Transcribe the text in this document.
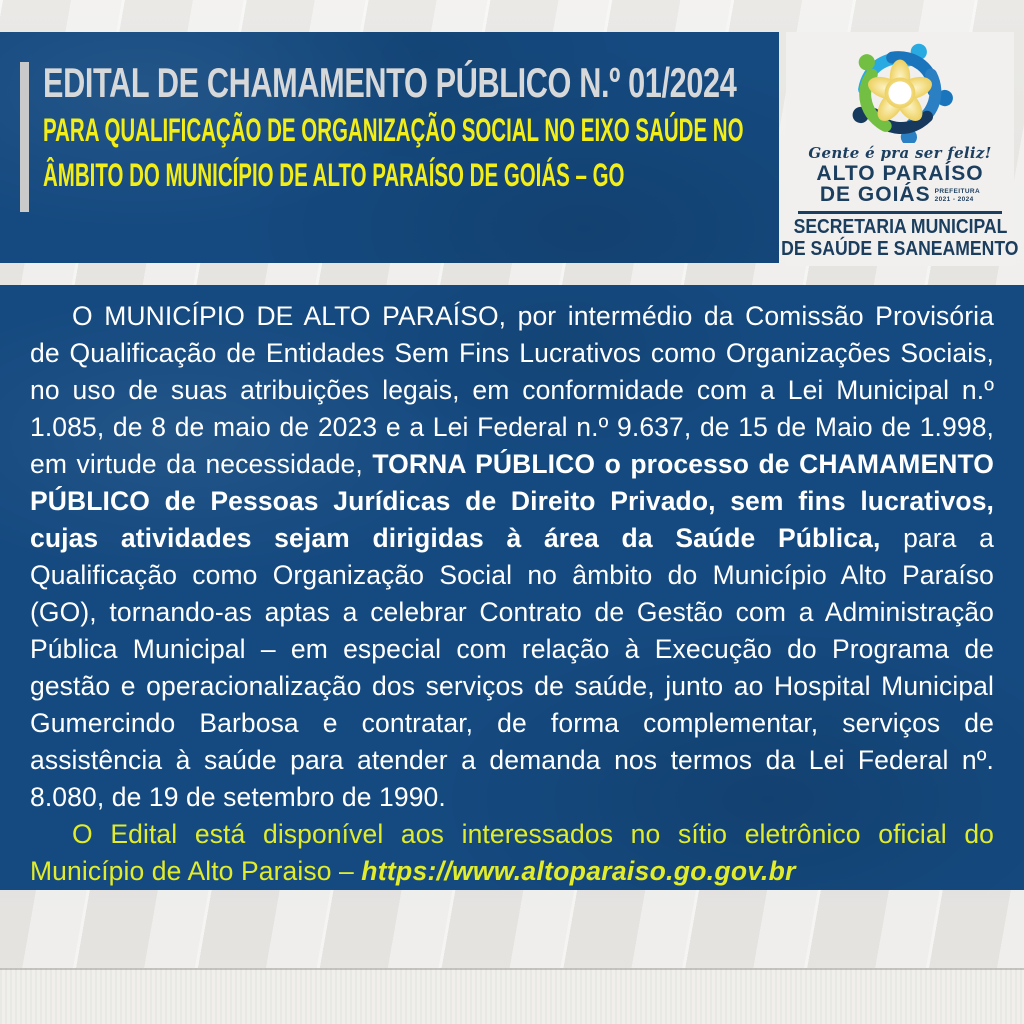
EDITAL DE CHAMAMENTO PÚBLICO N.º 01/2024
PARA QUALIFICAÇÃO DE ORGANIZAÇÃO SOCIAL NO EIXO SAÚDE NO
ÂMBITO DO MUNICÍPIO DE ALTO PARAÍSO DE GOIÁS – GO
Gente é pra ser feliz!
ALTO PARAÍSO
DE GOIÁS PREFEITURA
2021 - 2024
SECRETARIA MUNICIPAL
DE SAÚDE E SANEAMENTO

O MUNICÍPIO DE ALTO PARAÍSO, por intermédio da Comissão Provisória de Qualificação de Entidades Sem Fins Lucrativos como Organizações Sociais, no uso de suas atribuições legais, em conformidade com a Lei Municipal n.º 1.085, de 8 de maio de 2023 e a Lei Federal n.º 9.637, de 15 de Maio de 1.998, em virtude da necessidade, TORNA PÚBLICO o processo de CHAMAMENTO PÚBLICO de Pessoas Jurídicas de Direito Privado, sem fins lucrativos, cujas atividades sejam dirigidas à área da Saúde Pública, para a Qualificação como Organização Social no âmbito do Município Alto Paraíso (GO), tornando-as aptas a celebrar Contrato de Gestão com a Administração Pública Municipal – em especial com relação à Execução do Programa de gestão e operacionalização dos serviços de saúde, junto ao Hospital Municipal Gumercindo Barbosa e contratar, de forma complementar, serviços de assistência à saúde para atender a demanda nos termos da Lei Federal nº. 8.080, de 19 de setembro de 1990.

O Edital está disponível aos interessados no sítio eletrônico oficial do Município de Alto Paraiso – https://www.altoparaiso.go.gov.br
